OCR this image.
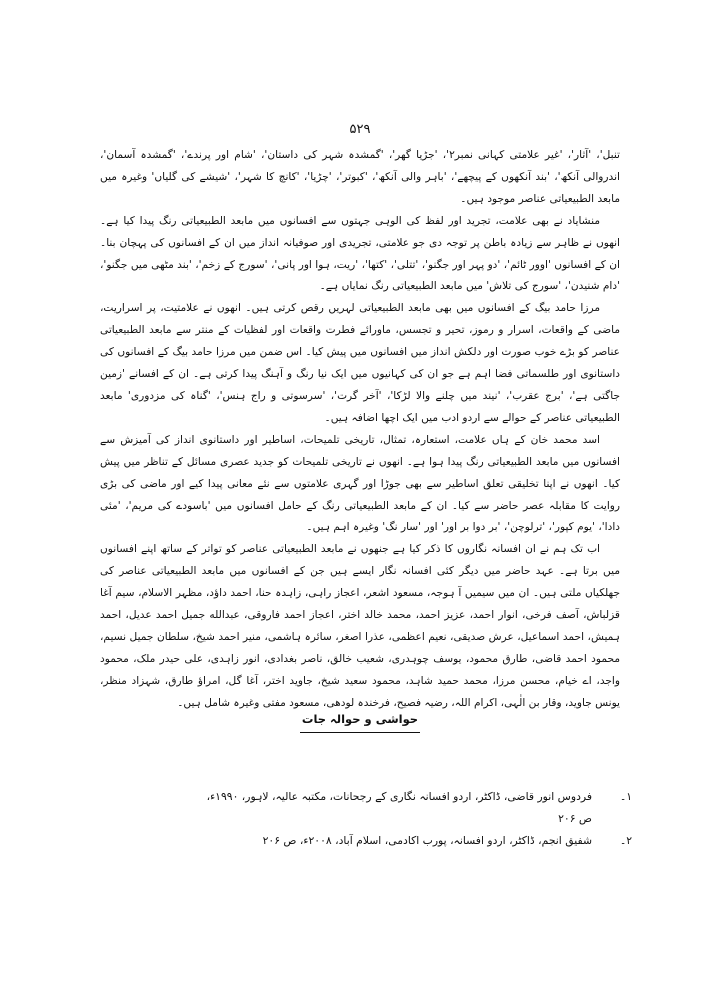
۵۲۹

تنبل'، 'آثار'، 'غیر علامتی کہانی نمبر۲'، 'جڑیا گھر'، 'گمشدہ شہر کی داستان'، 'شام اور پرندے'، 'گمشدہ آسمان'، اندروالی آنکھ'، 'بند آنکھوں کے پیچھے'، 'باہر والی آنکھ'، 'کبوتر'، 'چڑیا'، 'کانچ کا شہر'، 'شیشے کی گلیاں' وغیرہ میں مابعد الطبیعیاتی عناصر موجود ہیں۔

منشایاد نے بھی علامت، تجرید اور لفظ کی الوہی جہتوں سے افسانوں میں مابعد الطبیعیاتی رنگ پیدا کیا ہے۔ انھوں نے ظاہر سے زیادہ باطن پر توجہ دی جو علامتی، تجریدی اور صوفیانہ انداز میں ان کے افسانوں کی پہچان بنا۔ ان کے افسانوں 'اوور ٹائم'، 'دو پہر اور جگنو'، 'تتلی'، 'کتھا'، 'ریت، ہوا اور پانی'، 'سورج کے زخم'، 'بند مٹھی میں جگنو'، 'دام شنیدن'، 'سورج کی تلاش' میں مابعد الطبیعیاتی رنگ نمایاں ہے۔

مرزا حامد بیگ کے افسانوں میں بھی مابعد الطبیعیاتی لہریں رقص کرتی ہیں۔ انھوں نے علامتیت، پر اسراریت، ماضی کے واقعات، اسرار و رموز، تحیر و تجسس، ماورائے فطرت واقعات اور لفظیات کے منتر سے مابعد الطبیعیاتی عناصر کو بڑے خوب صورت اور دلکش انداز میں افسانوں میں پیش کیا۔ اس ضمن میں مرزا حامد بیگ کے افسانوں کی داستانوی اور طلسماتی فضا اہم ہے جو ان کی کہانیوں میں ایک نیا رنگ و آہنگ پیدا کرتی ہے۔ ان کے افسانے 'زمین جاگتی ہے'، 'برج عقرب'، 'نیند میں چلنے والا لڑکا'، 'آخر گرت'، 'سرسوتی و راج ہنس'، 'گناہ کی مزدوری' مابعد الطبیعیاتی عناصر کے حوالے سے اردو ادب میں ایک اچھا اضافہ ہیں۔

اسد محمد خان کے ہاں علامت، استعارہ، تمثال، تاریخی تلمیحات، اساطیر اور داستانوی انداز کی آمیزش سے افسانوں میں مابعد الطبیعیاتی رنگ پیدا ہوا ہے۔ انھوں نے تاریخی تلمیحات کو جدید عصری مسائل کے تناظر میں پیش کیا۔ انھوں نے اپنا تخلیقی تعلق اساطیر سے بھی جوڑا اور گہری علامتوں سے نئے معانی پیدا کیے اور ماضی کی بڑی روایت کا مقابلہ عصر حاضر سے کیا۔ ان کے مابعد الطبیعیاتی رنگ کے حامل افسانوں میں 'باسودے کی مریم'، 'مئی دادا'، 'یوم کپور'، 'ترلوچن'، 'بر دوا بر اور' اور 'سار نگ' وغیرہ اہم ہیں۔

اب تک ہم نے ان افسانہ نگاروں کا ذکر کیا ہے جنھوں نے مابعد الطبیعیاتی عناصر کو تواتر کے ساتھ اپنے افسانوں میں برتا ہے۔ عہد حاضر میں دیگر کئی افسانہ نگار ایسے ہیں جن کے افسانوں میں مابعد الطبیعیاتی عناصر کی جھلکیاں ملتی ہیں۔ ان میں سیمیں آ ہوجہ، مسعود اشعر، اعجاز راہی، زاہدہ حنا، احمد داؤد، مظہر الاسلام، سیم آغا قزلباش، آصف فرخی، انوار احمد، عزیز احمد، محمد خالد اختر، اعجاز احمد فاروقی، عبدالله جمیل احمد عدیل، احمد ہمیش، احمد اسماعیل، عرش صدیقی، نعیم اعظمی، عذرا اصغر، سائرہ ہاشمی، منیر احمد شیخ، سلطان جمیل نسیم، محمود احمد قاضی، طارق محمود، یوسف چوہدری، شعیب خالق، ناصر بغدادی، انور زاہدی، علی حیدر ملک، محمود واجد، اے خیام، محسن مرزا، محمد حمید شاہد، محمود سعید شیخ، جاوید اختر، آغا گل، امراؤ طارق، شہزاد منظر، یونس جاوید، وقار بن الٰہی، اکرام اللہ، رضیہ فصیح، فرخندہ لودھی، مسعود مفتی وغیرہ شامل ہیں۔

حواشی و حوالہ جات
۱۔
فردوس انور قاضی، ڈاکٹر، اردو افسانہ نگاری کے رجحانات، مکتبہ عالیہ، لاہور، ۱۹۹۰ء، ص ۲۰۶
۲۔
شفیق انجم، ڈاکٹر، اردو افسانہ، پورب اکادمی، اسلام آباد، ۲۰۰۸ء، ص ۲۰۶
